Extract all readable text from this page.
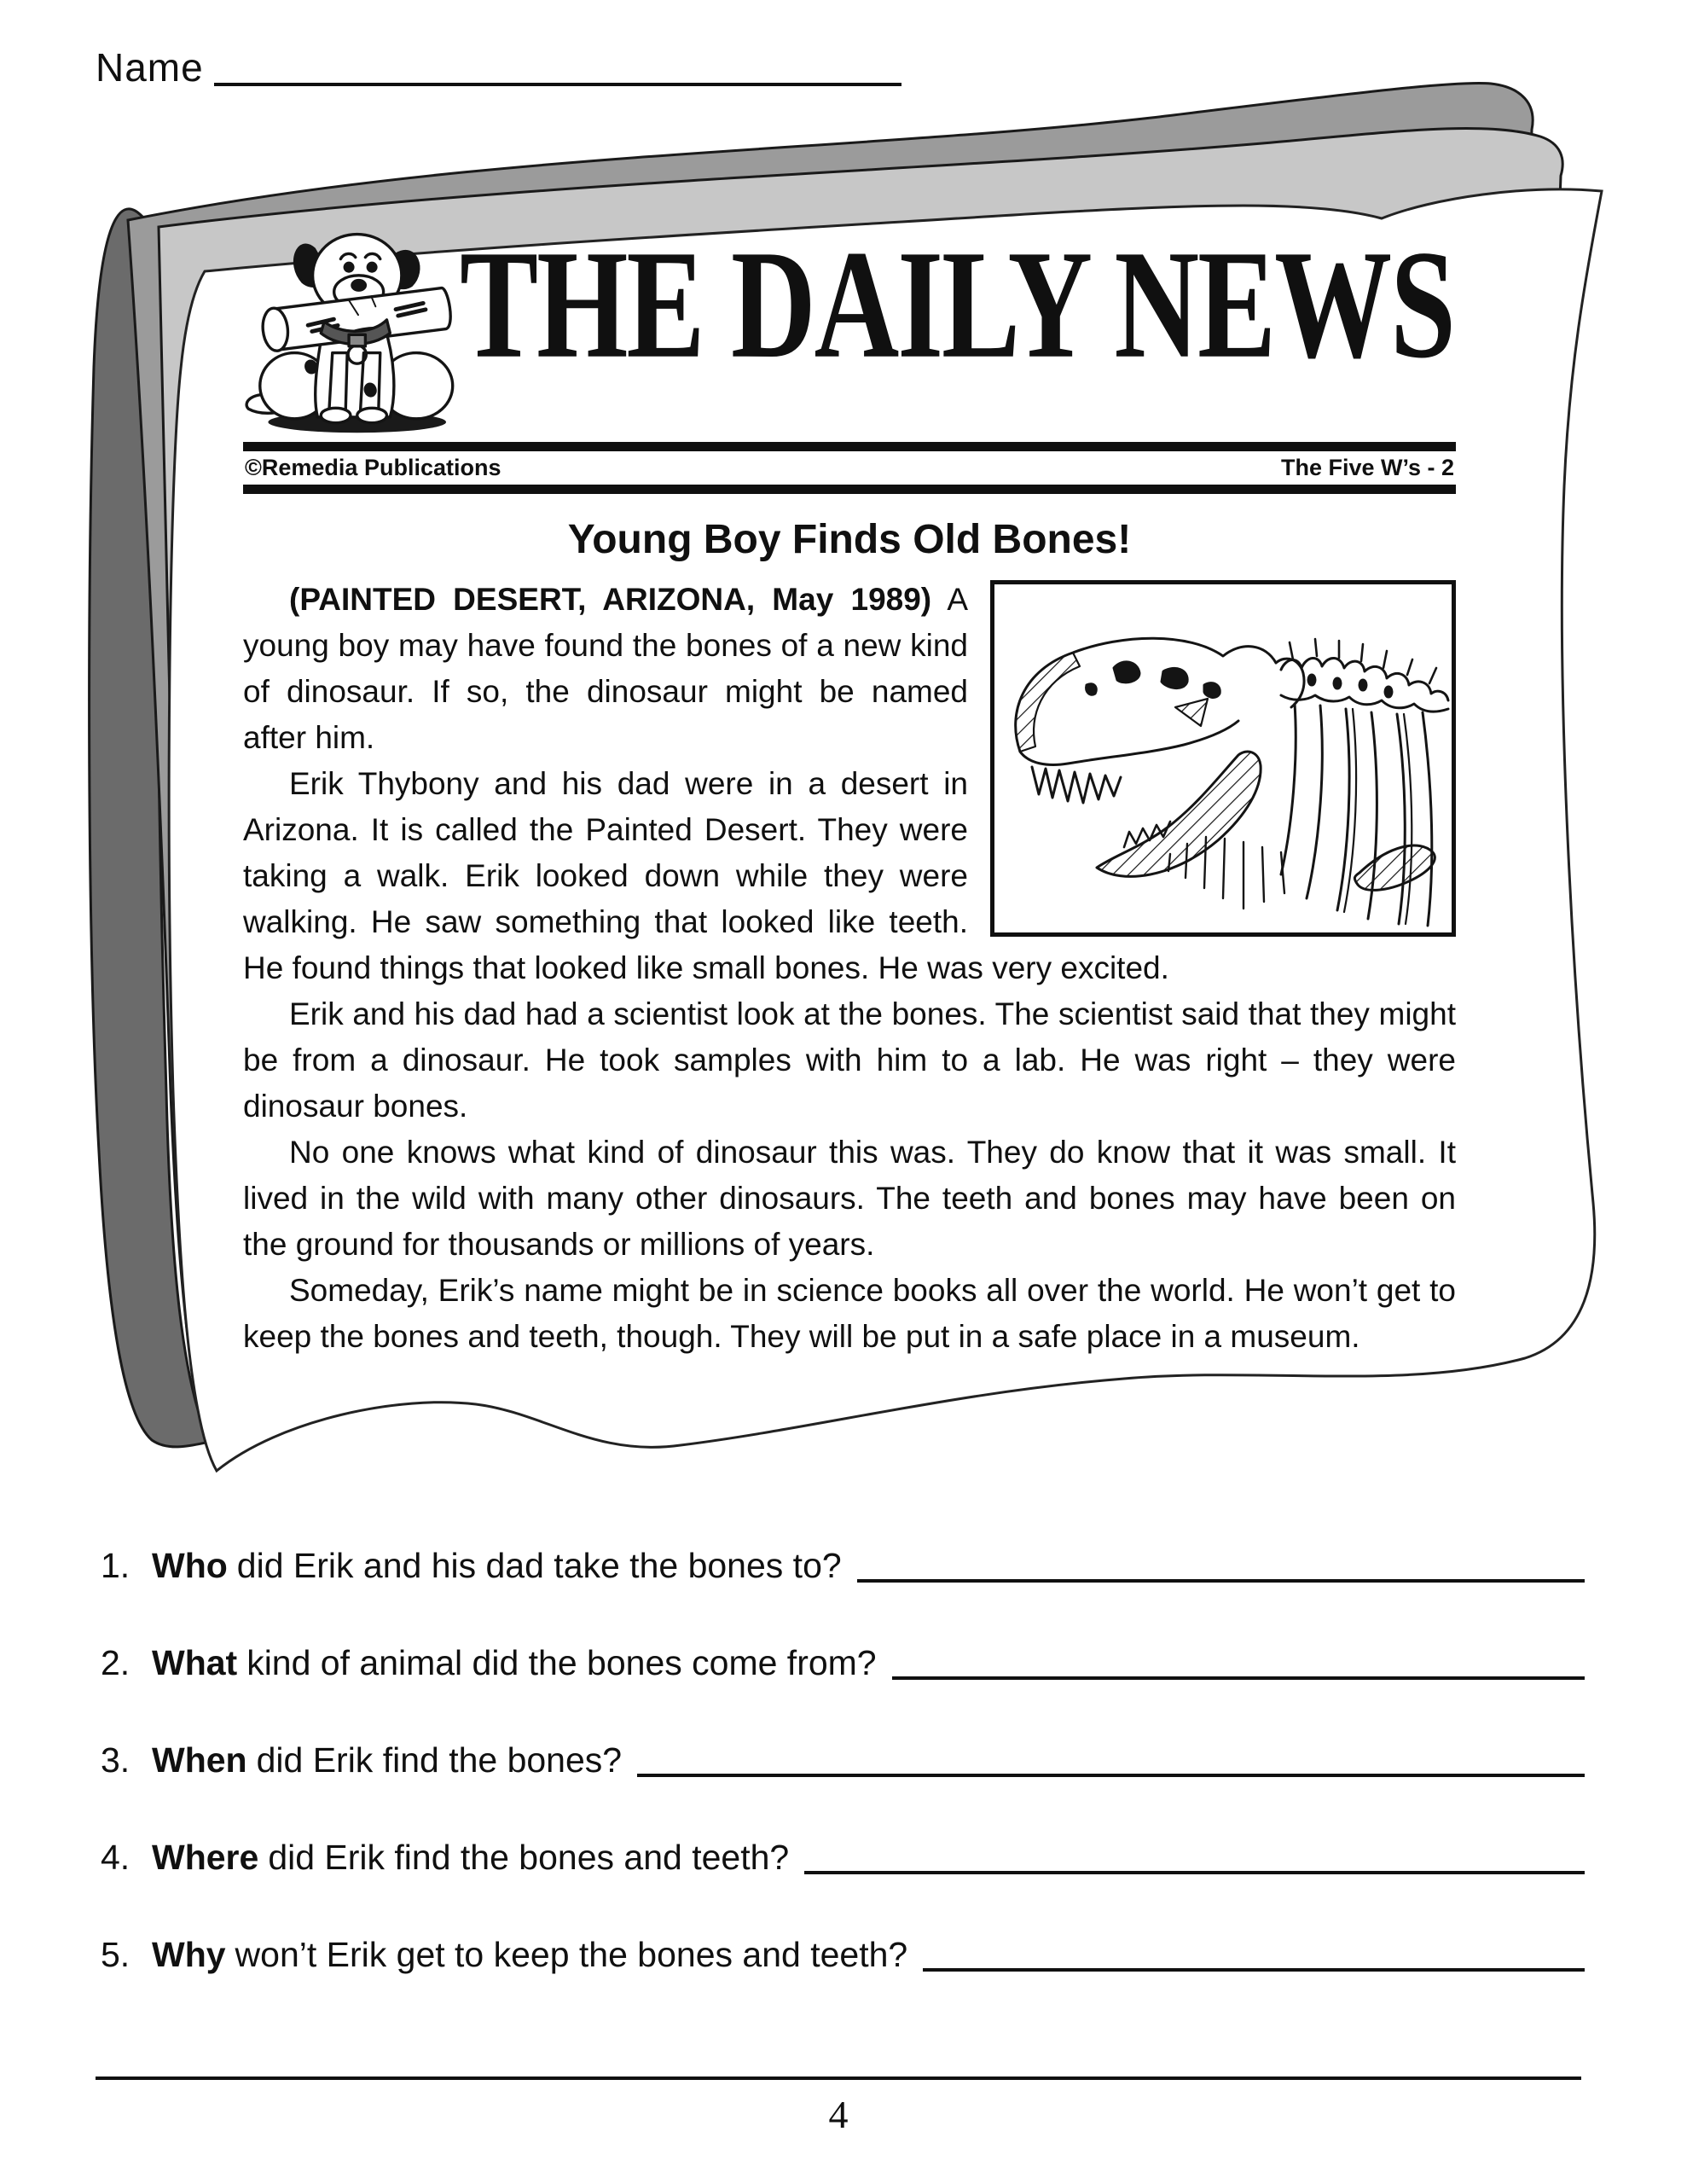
Name
THE DAILY NEWS
©Remedia Publications	The Five W’s - 2
Young Boy Finds Old Bones!

(PAINTED DESERT, ARIZONA, May 1989) A young boy may have found the bones of a new kind of dinosaur. If so, the dinosaur might be named after him.

Erik Thybony and his dad were in a desert in Arizona. It is called the Painted Desert. They were taking a walk. Erik looked down while they were walking. He saw something that looked like teeth. He found things that looked like small bones. He was very excited.

Erik and his dad had a scientist look at the bones. The scientist said that they might be from a dinosaur. He took samples with him to a lab. He was right – they were dinosaur bones.

No one knows what kind of dinosaur this was. They do know that it was small. It lived in the wild with many other dinosaurs. The teeth and bones may have been on the ground for thousands or millions of years.

Someday, Erik’s name might be in science books all over the world. He won’t get to keep the bones and teeth, though. They will be put in a safe place in a museum.

1. Who did Erik and his dad take the bones to?
2. What kind of animal did the bones come from?
3. When did Erik find the bones?
4. Where did Erik find the bones and teeth?
5. Why won’t Erik get to keep the bones and teeth?
4
